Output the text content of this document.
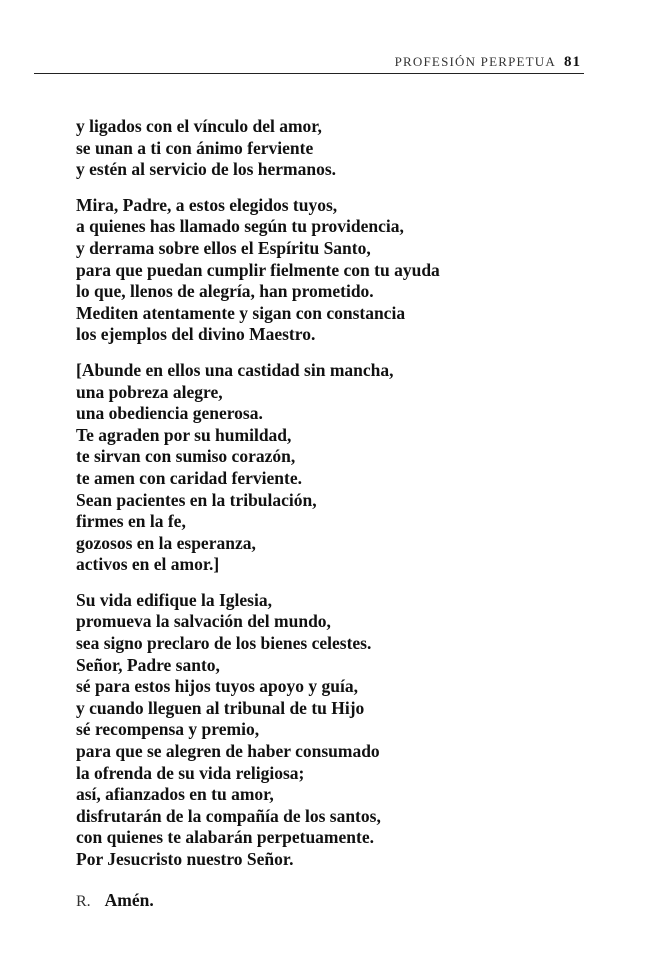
PROFESIÓN PERPETUA 81
y ligados con el vínculo del amor,
se unan a ti con ánimo ferviente
y estén al servicio de los hermanos.
Mira, Padre, a estos elegidos tuyos,
a quienes has llamado según tu providencia,
y derrama sobre ellos el Espíritu Santo,
para que puedan cumplir fielmente con tu ayuda
lo que, llenos de alegría, han prometido.
Mediten atentamente y sigan con constancia
los ejemplos del divino Maestro.
[Abunde en ellos una castidad sin mancha,
una pobreza alegre,
una obediencia generosa.
Te agraden por su humildad,
te sirvan con sumiso corazón,
te amen con caridad ferviente.
Sean pacientes en la tribulación,
firmes en la fe,
gozosos en la esperanza,
activos en el amor.]
Su vida edifique la Iglesia,
promueva la salvación del mundo,
sea signo preclaro de los bienes celestes.
Señor, Padre santo,
sé para estos hijos tuyos apoyo y guía,
y cuando lleguen al tribunal de tu Hijo
sé recompensa y premio,
para que se alegren de haber consumado
la ofrenda de su vida religiosa;
así, afianzados en tu amor,
disfrutarán de la compañía de los santos,
con quienes te alabarán perpetuamente.
Por Jesucristo nuestro Señor.
R. Amén.
